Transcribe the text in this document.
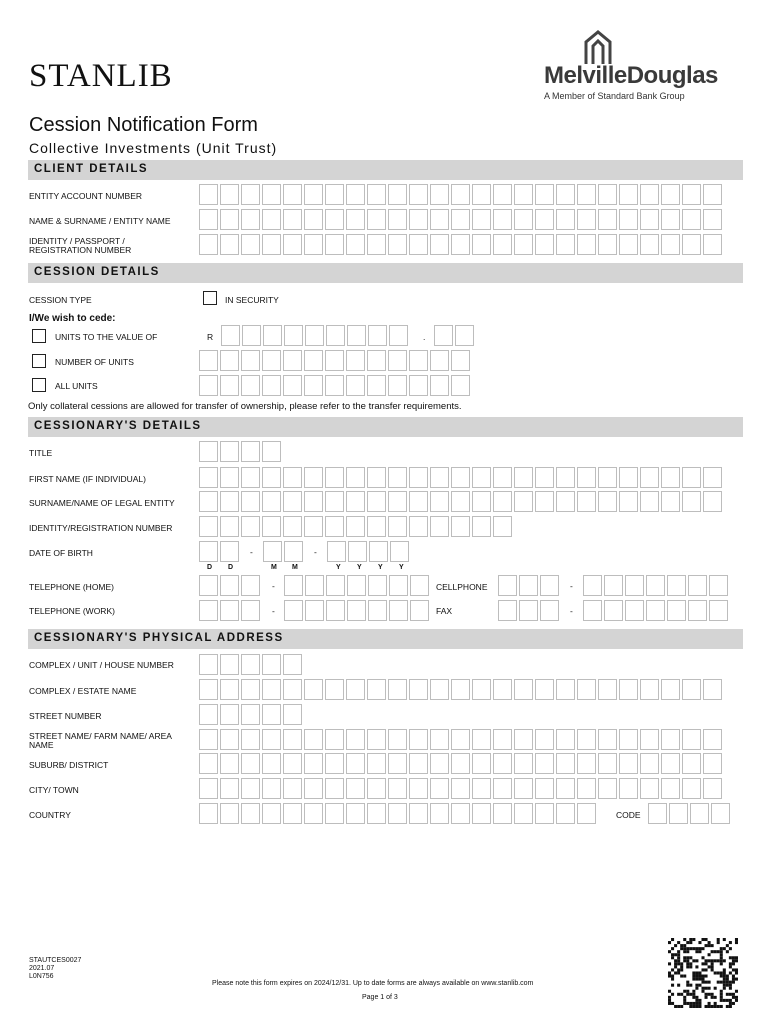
STANLIB	MelvilleDouglas
A Member of Standard Bank Group
Cession Notification Form
Collective Investments (Unit Trust)
CLIENT DETAILS
ENTITY ACCOUNT NUMBER
NAME & SURNAME / ENTITY NAME
IDENTITY / PASSPORT /
REGISTRATION NUMBER
CESSION DETAILS
CESSION TYPE	IN SECURITY
I/We wish to cede:
UNITS TO THE VALUE OF	R	.
NUMBER OF UNITS
ALL UNITS
Only collateral cessions are allowed for transfer of ownership, please refer to the transfer requirements.
CESSIONARY'S DETAILS
TITLE
FIRST NAME (IF INDIVIDUAL)
SURNAME/NAME OF LEGAL ENTITY
IDENTITY/REGISTRATION NUMBER
DATE OF BIRTH	-	-
D D	M M	Y Y Y Y
TELEPHONE (HOME)	-	CELLPHONE	-
TELEPHONE (WORK)	-	FAX	-
CESSIONARY'S PHYSICAL ADDRESS
COMPLEX / UNIT / HOUSE NUMBER
COMPLEX / ESTATE NAME
STREET NUMBER
STREET NAME/ FARM NAME/ AREA
NAME
SUBURB/ DISTRICT
CITY/ TOWN
COUNTRY	CODE
STAUTCES0027
2021.07
L0N756
Please note this form expires on 2024/12/31. Up to date forms are always available on www.stanlib.com
Page 1 of 3
